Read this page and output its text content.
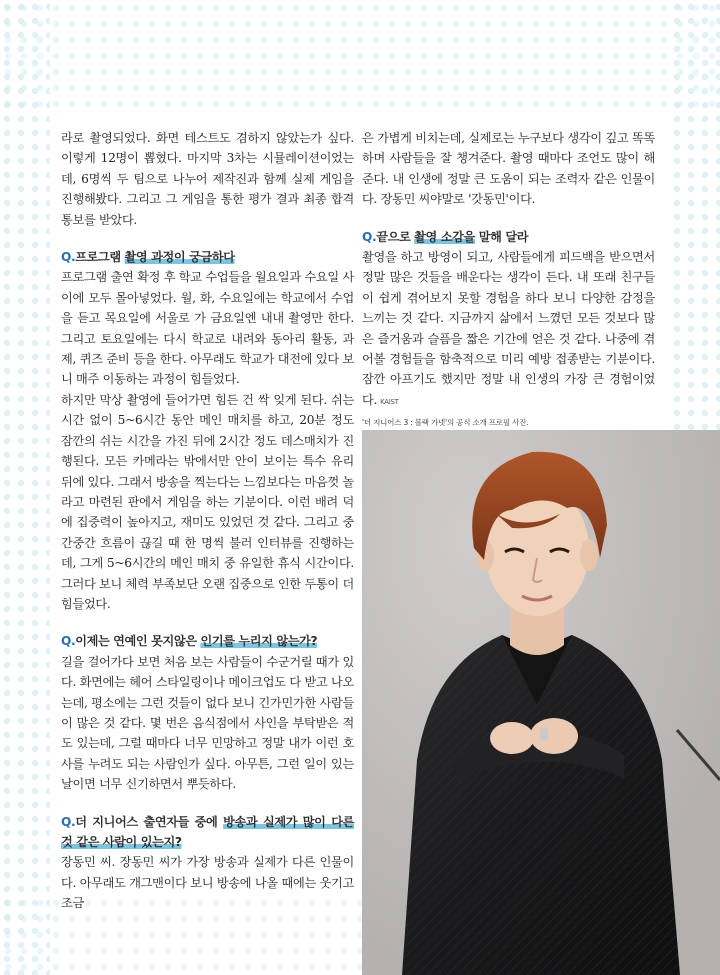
라로 촬영되었다. 화면 테스트도 겸하지 않았는가 싶다. 이렇게 12명이 뽑혔다. 마지막 3차는 시뮬레이션이었는데, 6명씩 두 팀으로 나누어 제작진과 함께 실제 게임을 진행해봤다. 그리고 그 게임을 통한 평가 결과 최종 합격 통보를 받았다.

Q.프로그램 촬영 과정이 궁금하다

프로그램 출연 확정 후 학교 수업들을 월요일과 수요일 사이에 모두 몰아넣었다. 월, 화, 수요일에는 학교에서 수업을 듣고 목요일에 서울로 가 금요일엔 내내 촬영만 한다. 그리고 토요일에는 다시 학교로 내려와 동아리 활동, 과제, 퀴즈 준비 등을 한다. 아무래도 학교가 대전에 있다 보니 매주 이동하는 과정이 힘들었다.

하지만 막상 촬영에 들어가면 힘든 건 싹 잊게 된다. 쉬는 시간 없이 5~6시간 동안 메인 매치를 하고, 20분 정도 잠깐의 쉬는 시간을 가진 뒤에 2시간 정도 데스매치가 진행된다. 모든 카메라는 밖에서만 안이 보이는 특수 유리 뒤에 있다. 그래서 방송을 찍는다는 느낌보다는 마음껏 놀라고 마련된 판에서 게임을 하는 기분이다. 이런 배려 덕에 집중력이 높아지고, 재미도 있었던 것 같다. 그리고 중간중간 흐름이 끊길 때 한 명씩 불러 인터뷰를 진행하는데, 그게 5~6시간의 메인 매치 중 유일한 휴식 시간이다. 그러다 보니 체력 부족보단 오랜 집중으로 인한 두통이 더 힘들었다.

Q.이제는 연예인 못지않은 인기를 누리지 않는가?

길을 걸어가다 보면 처음 보는 사람들이 수군거릴 때가 있다. 화면에는 헤어 스타일링이나 메이크업도 다 받고 나오는데, 평소에는 그런 것들이 없다 보니 긴가민가한 사람들이 많은 것 같다. 몇 번은 음식점에서 사인을 부탁받은 적도 있는데, 그럴 때마다 너무 민망하고 정말 내가 이런 호사를 누려도 되는 사람인가 싶다. 아무튼, 그런 일이 있는 날이면 너무 신기하면서 뿌듯하다.

Q.더 지니어스 출연자들 중에 방송과 실제가 많이 다른 것 같은 사람이 있는지?

장동민 씨. 장동민 씨가 가장 방송과 실제가 다른 인물이다. 아무래도 개그맨이다 보니 방송에 나올 때에는 웃기고 조금

은 가볍게 비치는데, 실제로는 누구보다 생각이 깊고 똑똑하며 사람들을 잘 챙겨준다. 촬영 때마다 조언도 많이 해준다. 내 인생에 정말 큰 도움이 되는 조력자 같은 인물이다. 장동민 씨야말로 '갓동민'이다.

Q.끝으로 촬영 소감을 말해 달라

촬영을 하고 방영이 되고, 사람들에게 피드백을 받으면서 정말 많은 것들을 배운다는 생각이 든다. 내 또래 친구들이 쉽게 겪어보지 못할 경험을 하다 보니 다양한 감정을 느끼는 것 같다. 지금까지 삶에서 느꼈던 모든 것보다 많은 즐거움과 슬픔을 짧은 기간에 얻은 것 같다. 나중에 겪어볼 경험들을 함축적으로 미리 예방 접종받는 기분이다. 잠깐 아프기도 했지만 정말 내 인생의 가장 큰 경험이었다. KAIST

'더 지니어스 3 : 블랙 가넷'의 공식 소개 프로필 사진.
